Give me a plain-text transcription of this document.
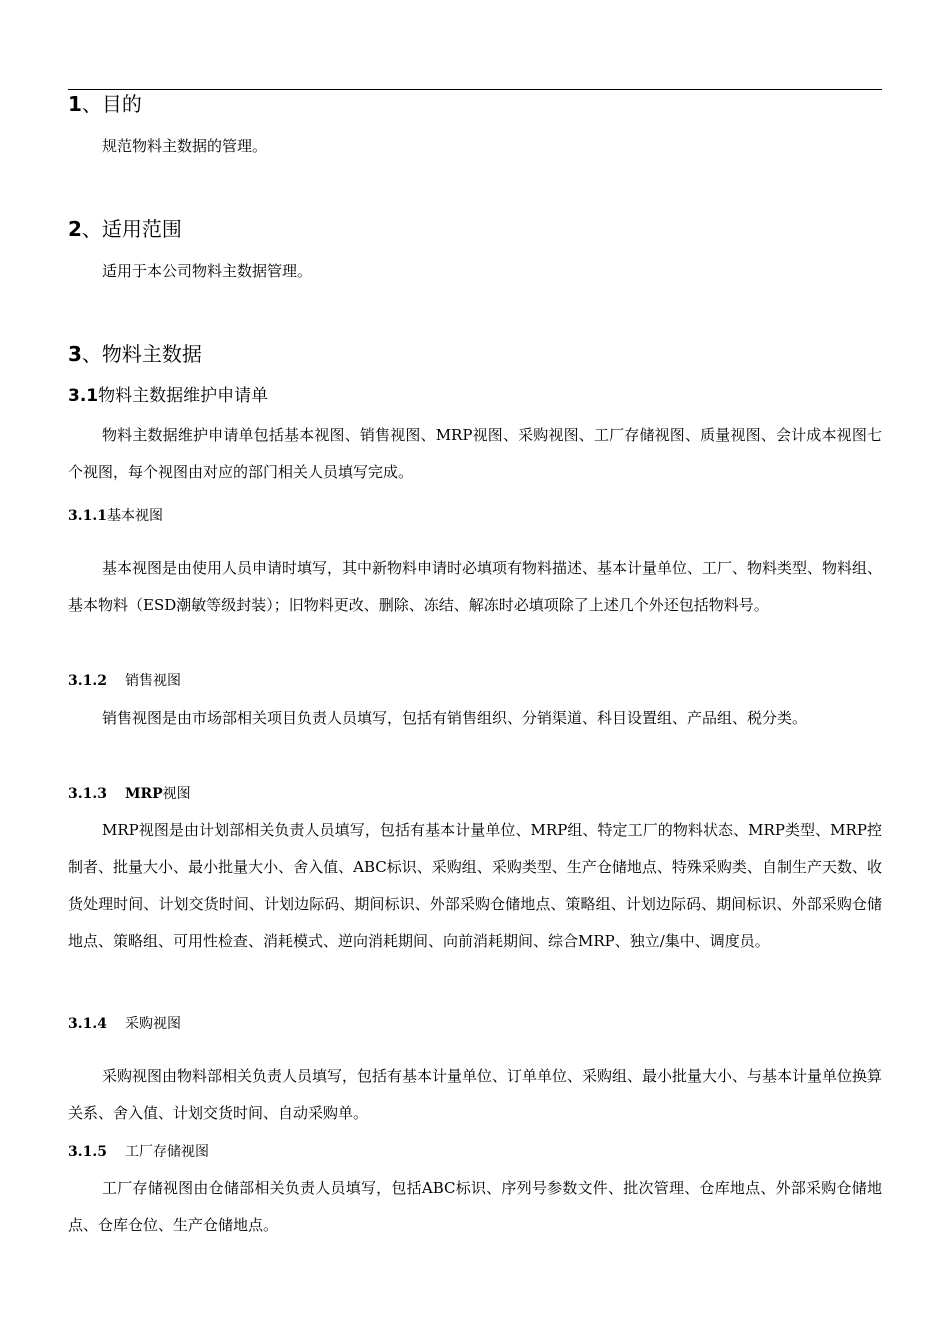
1、目的
规范物料主数据的管理。
2、适用范围
适用于本公司物料主数据管理。
3、物料主数据
3.1物料主数据维护申请单
物料主数据维护申请单包括基本视图、销售视图、MRP视图、采购视图、工厂存储视图、质量视图、会计成本视图七个视图，每个视图由对应的部门相关人员填写完成。
3.1.1基本视图
基本视图是由使用人员申请时填写，其中新物料申请时必填项有物料描述、基本计量单位、工厂、物料类型、物料组、基本物料（ESD潮敏等级封装）；旧物料更改、删除、冻结、解冻时必填项除了上述几个外还包括物料号。
3.1.2 销售视图
销售视图是由市场部相关项目负责人员填写，包括有销售组织、分销渠道、科目设置组、产品组、税分类。
3.1.3 MRP视图
MRP视图是由计划部相关负责人员填写，包括有基本计量单位、MRP组、特定工厂的物料状态、MRP类型、MRP控制者、批量大小、最小批量大小、舍入值、ABC标识、采购组、采购类型、生产仓储地点、特殊采购类、自制生产天数、收货处理时间、计划交货时间、计划边际码、期间标识、外部采购仓储地点、策略组、计划边际码、期间标识、外部采购仓储地点、策略组、可用性检查、消耗模式、逆向消耗期间、向前消耗期间、综合MRP、独立/集中、调度员。
3.1.4 采购视图
采购视图由物料部相关负责人员填写，包括有基本计量单位、订单单位、采购组、最小批量大小、与基本计量单位换算关系、舍入值、计划交货时间、自动采购单。
3.1.5 工厂存储视图
工厂存储视图由仓储部相关负责人员填写，包括ABC标识、序列号参数文件、批次管理、仓库地点、外部采购仓储地点、仓库仓位、生产仓储地点。
